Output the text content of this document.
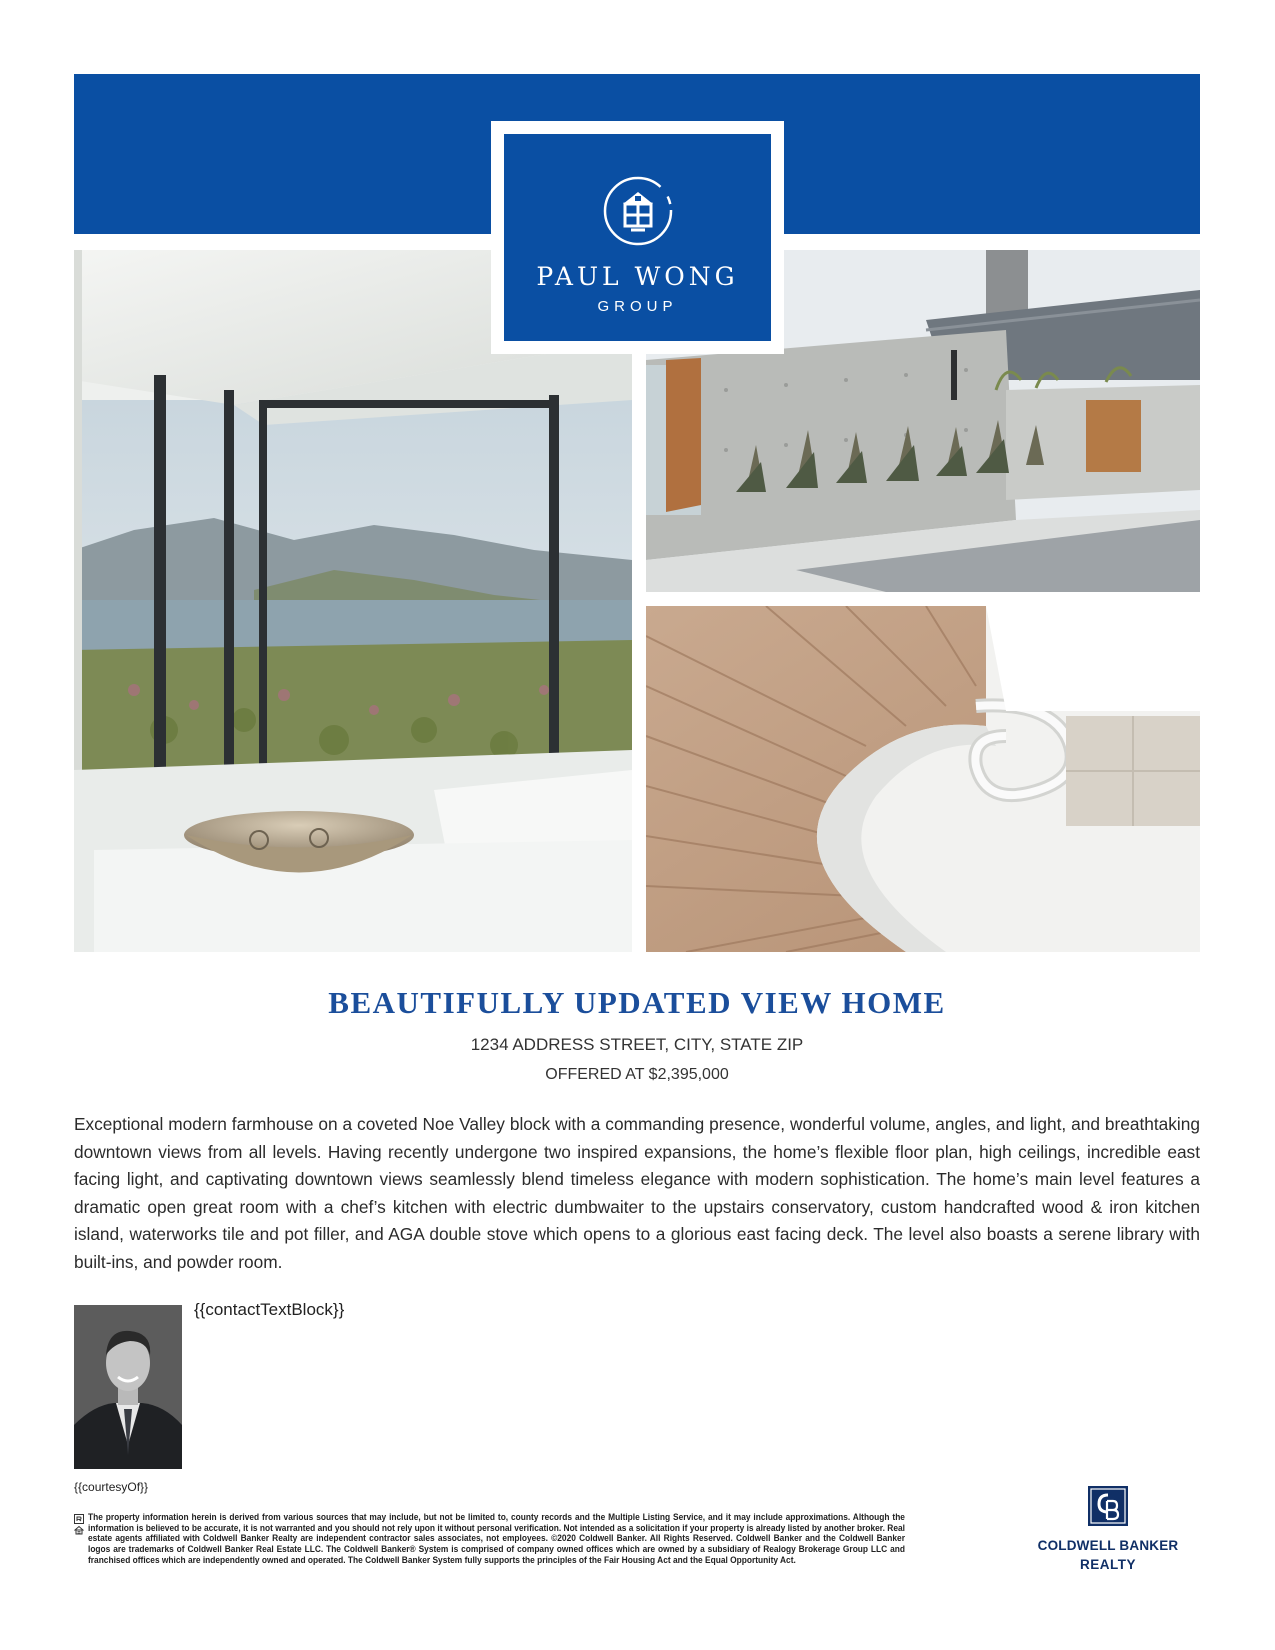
PAUL WONG
GROUP
BEAUTIFULLY UPDATED VIEW HOME
1234 ADDRESS STREET, CITY, STATE ZIP
OFFERED AT $2,395,000

Exceptional modern farmhouse on a coveted Noe Valley block with a commanding presence, wonderful volume, angles, and light, and breathtaking downtown views from all levels. Having recently undergone two inspired expansions, the home’s flexible floor plan, high ceilings, incredible east facing light, and captivating downtown views seamlessly blend timeless elegance with modern sophistication. The home’s main level features a dramatic open great room with a chef’s kitchen with electric dumbwaiter to the upstairs conservatory, custom handcrafted wood & iron kitchen island, waterworks tile and pot filler, and AGA double stove which opens to a glorious east facing deck. The level also boasts a serene library with built-ins, and powder room.

{{contactTextBlock}}
{{courtesyOf}}

The property information herein is derived from various sources that may include, but not be limited to, county records and the Multiple Listing Service, and it may include approximations. Although the information is believed to be accurate, it is not warranted and you should not rely upon it without personal verification. Not intended as a solicitation if your property is already listed by another broker. Real estate agents affiliated with Coldwell Banker Realty are independent contractor sales associates, not employees. ©2020 Coldwell Banker. All Rights Reserved. Coldwell Banker and the Coldwell Banker logos are trademarks of Coldwell Banker Real Estate LLC. The Coldwell Banker® System is comprised of company owned offices which are owned by a subsidiary of Realogy Brokerage Group LLC and franchised offices which are independently owned and operated. The Coldwell Banker System fully supports the principles of the Fair Housing Act and the Equal Opportunity Act.

COLDWELL BANKER
REALTY
